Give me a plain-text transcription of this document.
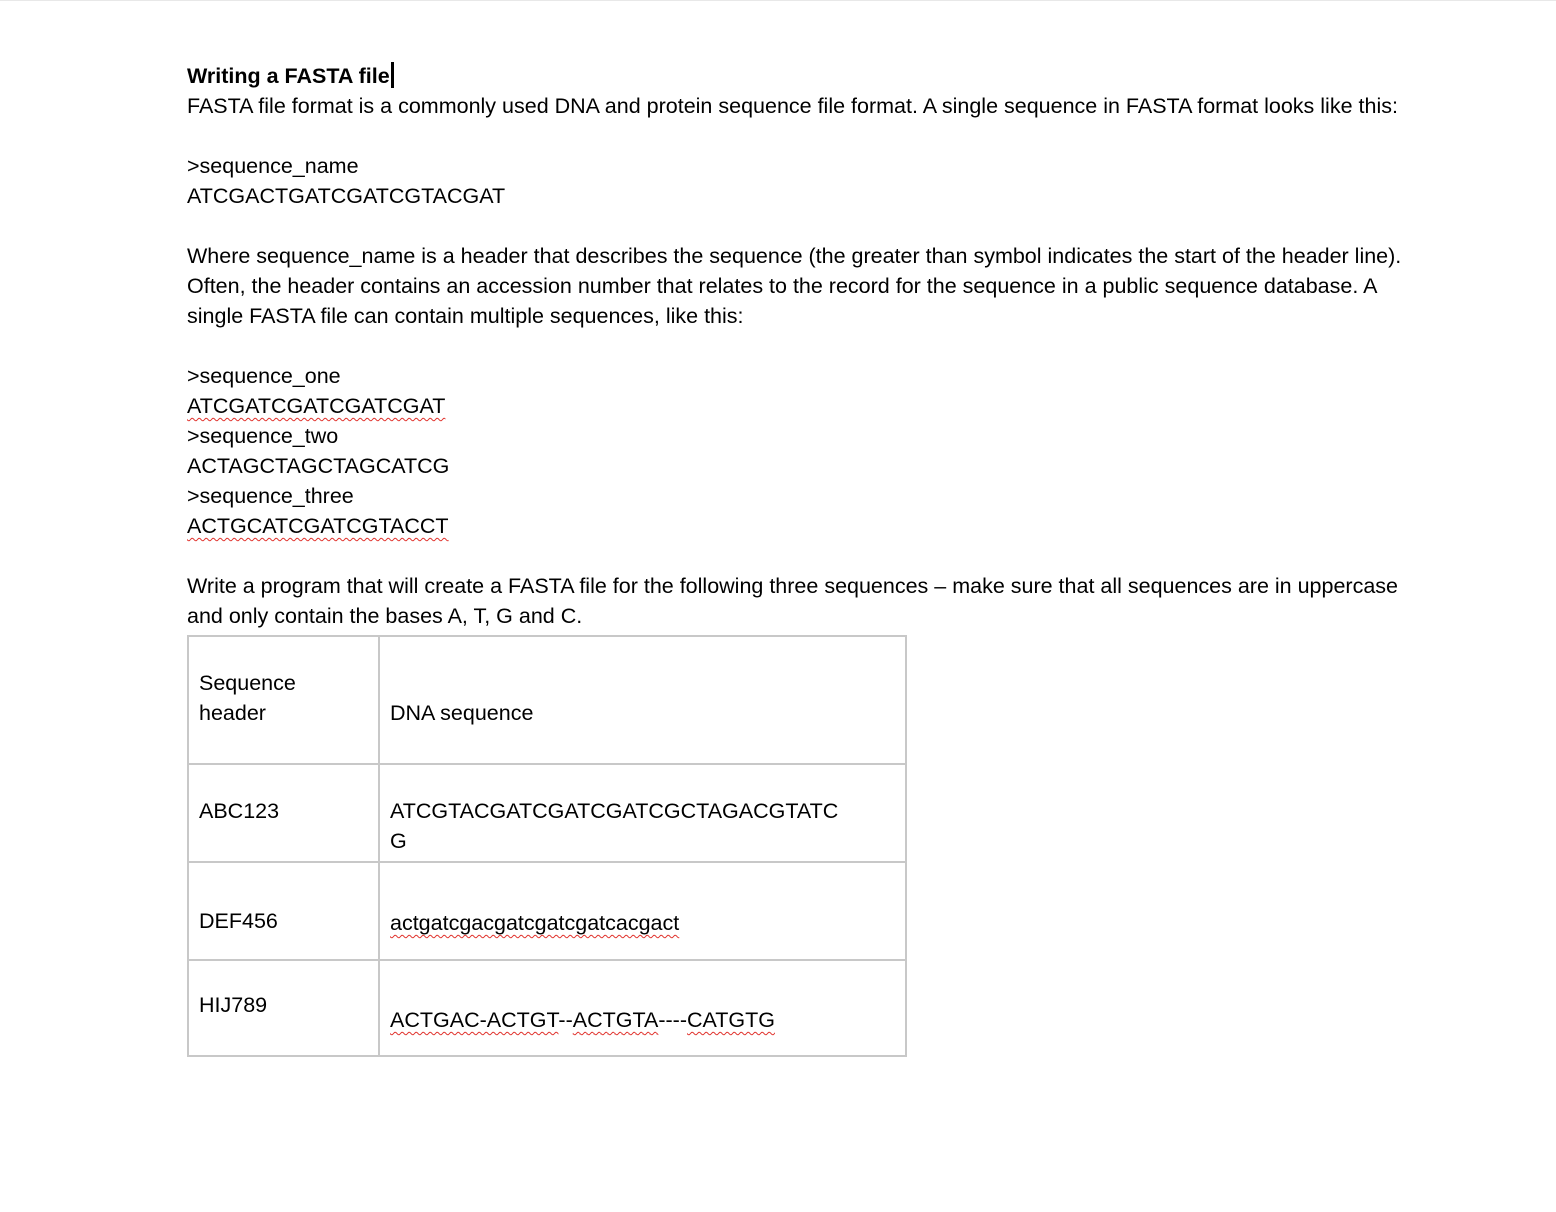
Writing a FASTA file
FASTA file format is a commonly used DNA and protein sequence file format. A single sequence in FASTA format looks like this:
>sequence_name
ATCGACTGATCGATCGTACGAT
Where sequence_name is a header that describes the sequence (the greater than symbol indicates the start of the header line).
Often, the header contains an accession number that relates to the record for the sequence in a public sequence database. A
single FASTA file can contain multiple sequences, like this:
>sequence_one
ATCGATCGATCGATCGAT
>sequence_two
ACTAGCTAGCTAGCATCG
>sequence_three
ACTGCATCGATCGTACCT
Write a program that will create a FASTA file for the following three sequences – make sure that all sequences are in uppercase
and only contain the bases A, T, G and C.
Sequence
header	DNA sequence

ABC123	ATCGTACGATCGATCGATCGCTAGACGTATC
G

DEF456	actgatcgacgatcgatcgatcacgact

HIJ789	ACTGAC-ACTGT--ACTGTA----CATGTG
